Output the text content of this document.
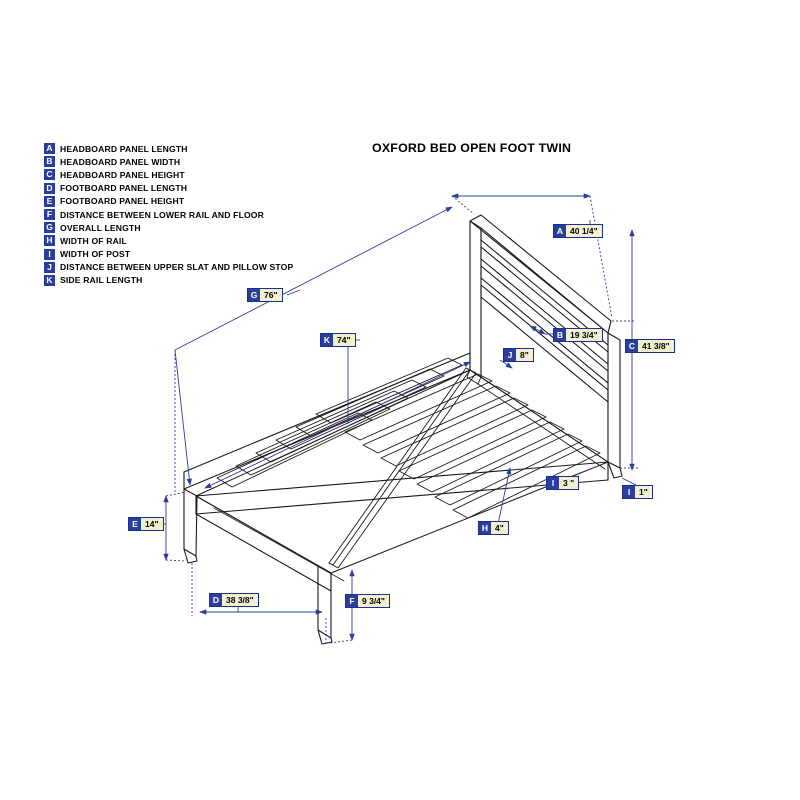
A HEADBOARD PANEL LENGTH
B HEADBOARD PANEL WIDTH
C HEADBOARD PANEL HEIGHT
D FOOTBOARD PANEL LENGTH
E FOOTBOARD PANEL HEIGHT
F DISTANCE BETWEEN LOWER RAIL AND FLOOR
G OVERALL LENGTH
H WIDTH OF RAIL
I	WIDTH OF POST
J DISTANCE BETWEEN UPPER SLAT AND PILLOW STOP
K SIDE RAIL LENGTH
OXFORD BED OPEN FOOT TWIN
A 40 1/4"
B 19 3/4"
C 41 3/8"
D 38 3/8"
E 14"
F 9 3/4"
G 76"
H 4"
I	3 "
I	1"
J 8"
K 74"
